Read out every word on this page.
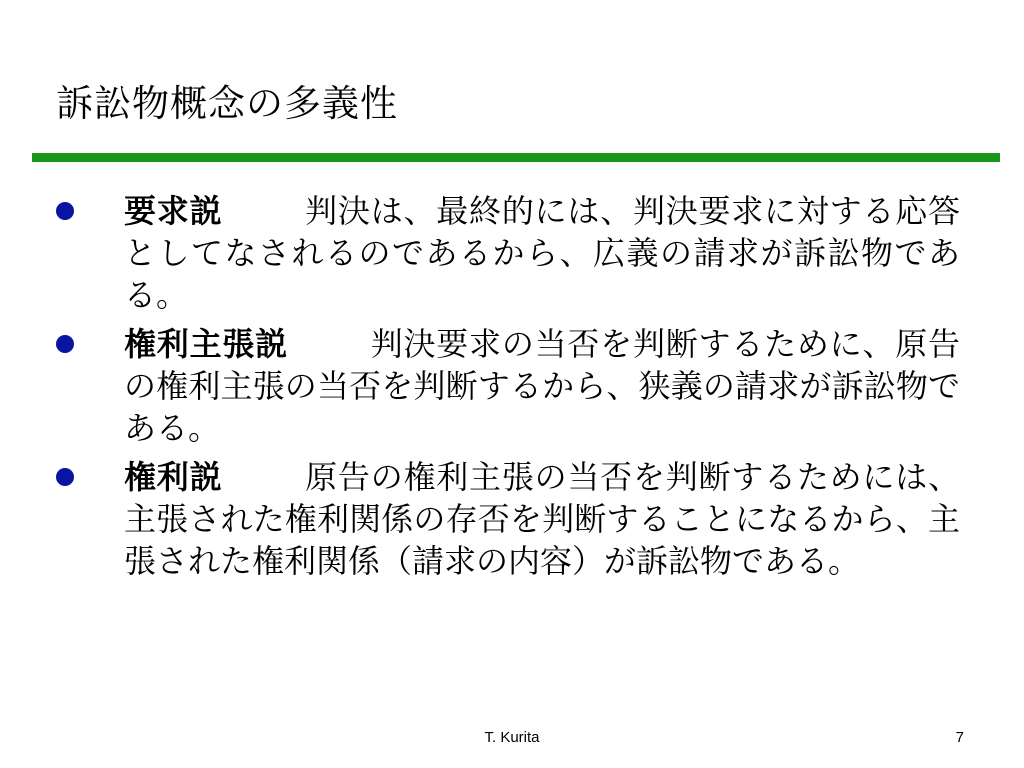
訴訟物概念の多義性
要求説	判決は、最終的には、判決要求に対する応答としてなされるのであるから、広義の請求が訴訟物である。
権利主張説	判決要求の当否を判断するために、原告の権利主張の当否を判断するから、狭義の請求が訴訟物である。
権利説	原告の権利主張の当否を判断するためには、主張された権利関係の存否を判断することになるから、主張された権利関係（請求の内容）が訴訟物である。
T. Kurita	7
